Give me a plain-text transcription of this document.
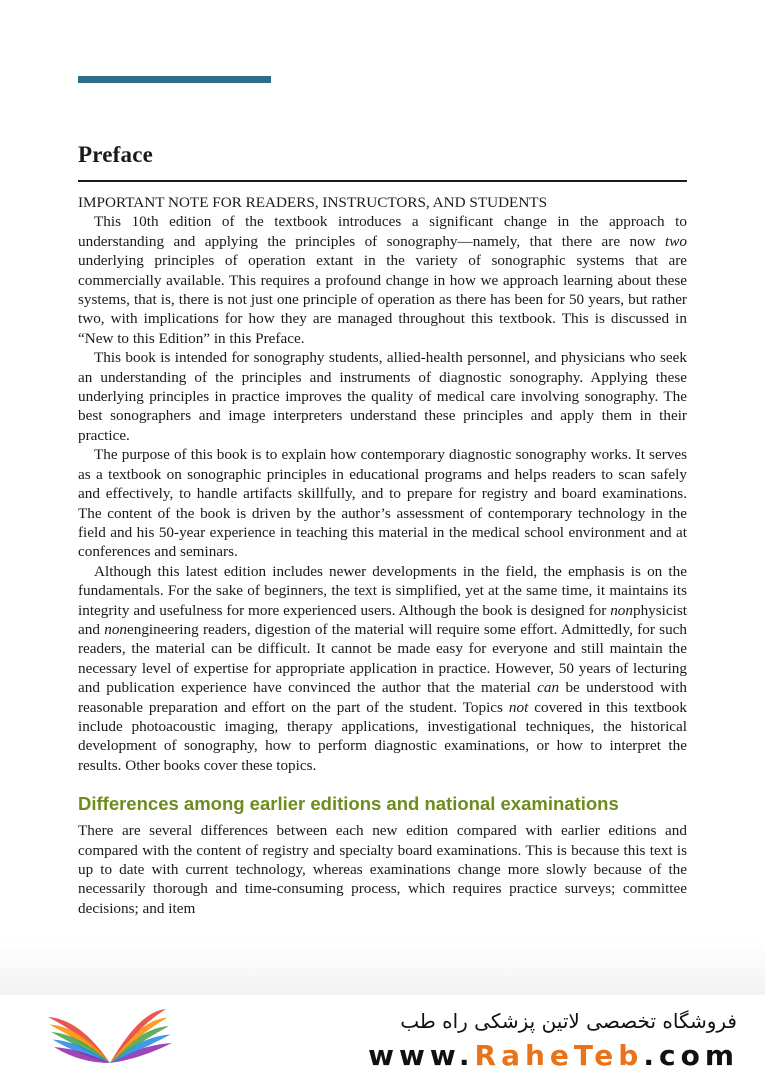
Preface

IMPORTANT NOTE FOR READERS, INSTRUCTORS, AND STUDENTS

This 10th edition of the textbook introduces a significant change in the approach to understanding and applying the principles of sonography—namely, that there are now two underlying principles of operation extant in the variety of sonographic systems that are commercially available. This requires a profound change in how we approach learning about these systems, that is, there is not just one principle of operation as there has been for 50 years, but rather two, with implications for how they are managed throughout this textbook. This is discussed in “New to this Edition” in this Preface.

This book is intended for sonography students, allied-health personnel, and physicians who seek an understanding of the principles and instruments of diagnostic sonography. Applying these underlying principles in practice improves the quality of medical care involving sonography. The best sonographers and image interpreters understand these principles and apply them in their practice.

The purpose of this book is to explain how contemporary diagnostic sonography works. It serves as a textbook on sonographic principles in educational programs and helps readers to scan safely and effectively, to handle artifacts skillfully, and to prepare for registry and board examinations. The content of the book is driven by the author’s assessment of contemporary technology in the field and his 50-year experience in teaching this material in the medical school environment and at conferences and seminars.

Although this latest edition includes newer developments in the field, the emphasis is on the fundamentals. For the sake of beginners, the text is simplified, yet at the same time, it maintains its integrity and usefulness for more experienced users. Although the book is designed for nonphysicist and nonengineering readers, digestion of the material will require some effort. Admittedly, for such readers, the material can be difficult. It cannot be made easy for everyone and still maintain the necessary level of expertise for appropriate application in practice. However, 50 years of lecturing and publication experience have convinced the author that the material can be understood with reasonable preparation and effort on the part of the student. Topics not covered in this textbook include photoacoustic imaging, therapy applications, investigational techniques, the historical development of sonography, how to perform diagnostic examinations, or how to interpret the results. Other books cover these topics.

Differences among earlier editions and national examinations

There are several differences between each new edition compared with earlier editions and compared with the content of registry and specialty board examinations. This is because this text is up to date with current technology, whereas examinations change more slowly because of the necessarily thorough and time-consuming process, which requires practice surveys; committee decisions; and item

فروشگاه تخصصی لاتین پزشکی راه طب
www.RaheTeb.com
